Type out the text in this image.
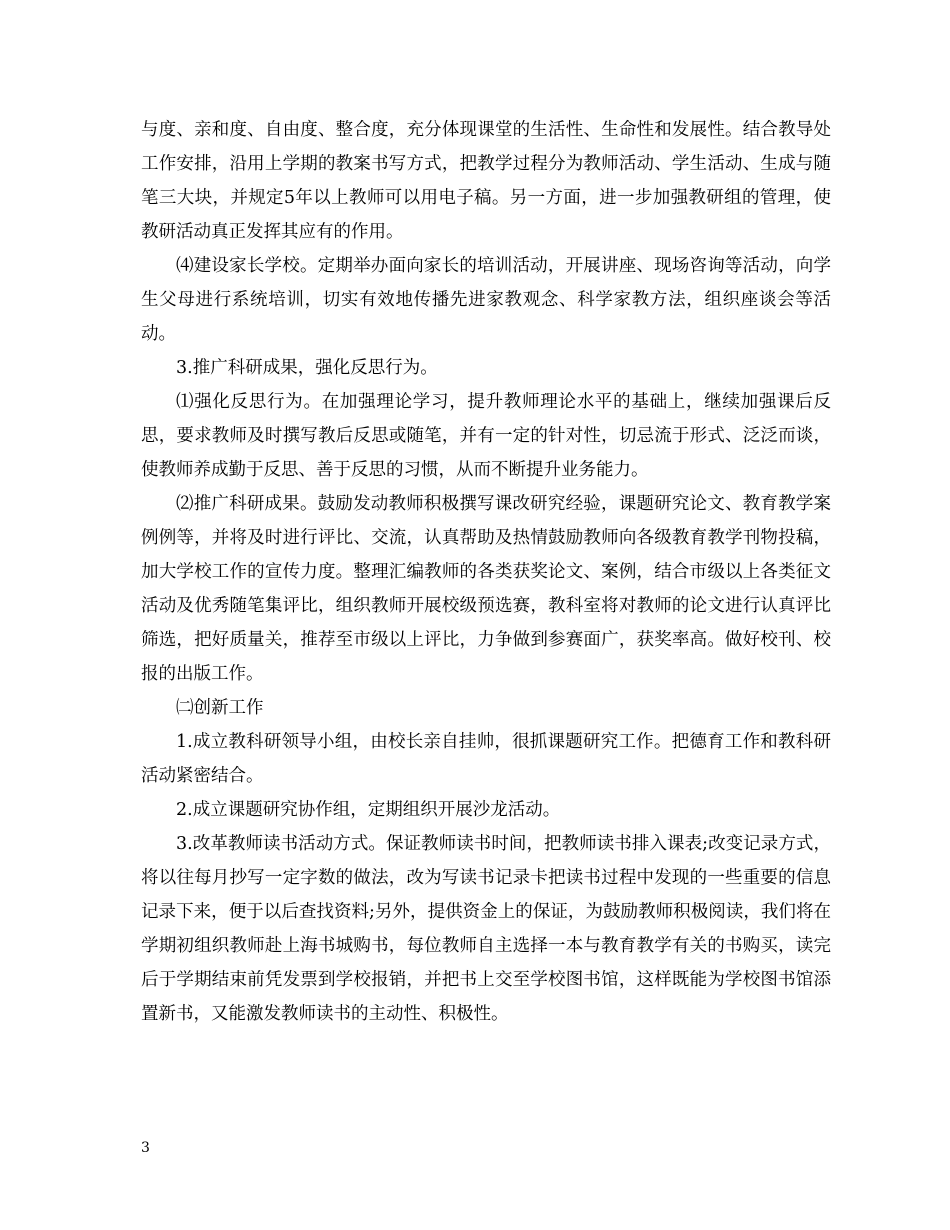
与度、亲和度、自由度、整合度，充分体现课堂的生活性、生命性和发展性。结合教导处工作安排，沿用上学期的教案书写方式，把教学过程分为教师活动、学生活动、生成与随笔三大块，并规定5年以上教师可以用电子稿。另一方面，进一步加强教研组的管理，使教研活动真正发挥其应有的作用。

⑷建设家长学校。定期举办面向家长的培训活动，开展讲座、现场咨询等活动，向学生父母进行系统培训，切实有效地传播先进家教观念、科学家教方法，组织座谈会等活动。

3.推广科研成果，强化反思行为。

⑴强化反思行为。在加强理论学习，提升教师理论水平的基础上，继续加强课后反思，要求教师及时撰写教后反思或随笔，并有一定的针对性，切忌流于形式、泛泛而谈，使教师养成勤于反思、善于反思的习惯，从而不断提升业务能力。

⑵推广科研成果。鼓励发动教师积极撰写课改研究经验，课题研究论文、教育教学案例例等，并将及时进行评比、交流，认真帮助及热情鼓励教师向各级教育教学刊物投稿，加大学校工作的宣传力度。整理汇编教师的各类获奖论文、案例，结合市级以上各类征文活动及优秀随笔集评比，组织教师开展校级预选赛，教科室将对教师的论文进行认真评比筛选，把好质量关，推荐至市级以上评比，力争做到参赛面广，获奖率高。做好校刊、校报的出版工作。

㈡创新工作

1.成立教科研领导小组，由校长亲自挂帅，很抓课题研究工作。把德育工作和教科研活动紧密结合。

2.成立课题研究协作组，定期组织开展沙龙活动。

3.改革教师读书活动方式。保证教师读书时间，把教师读书排入课表;改变记录方式，将以往每月抄写一定字数的做法，改为写读书记录卡把读书过程中发现的一些重要的信息记录下来，便于以后查找资料;另外，提供资金上的保证，为鼓励教师积极阅读，我们将在学期初组织教师赴上海书城购书，每位教师自主选择一本与教育教学有关的书购买，读完后于学期结束前凭发票到学校报销，并把书上交至学校图书馆，这样既能为学校图书馆添置新书，又能激发教师读书的主动性、积极性。

3
